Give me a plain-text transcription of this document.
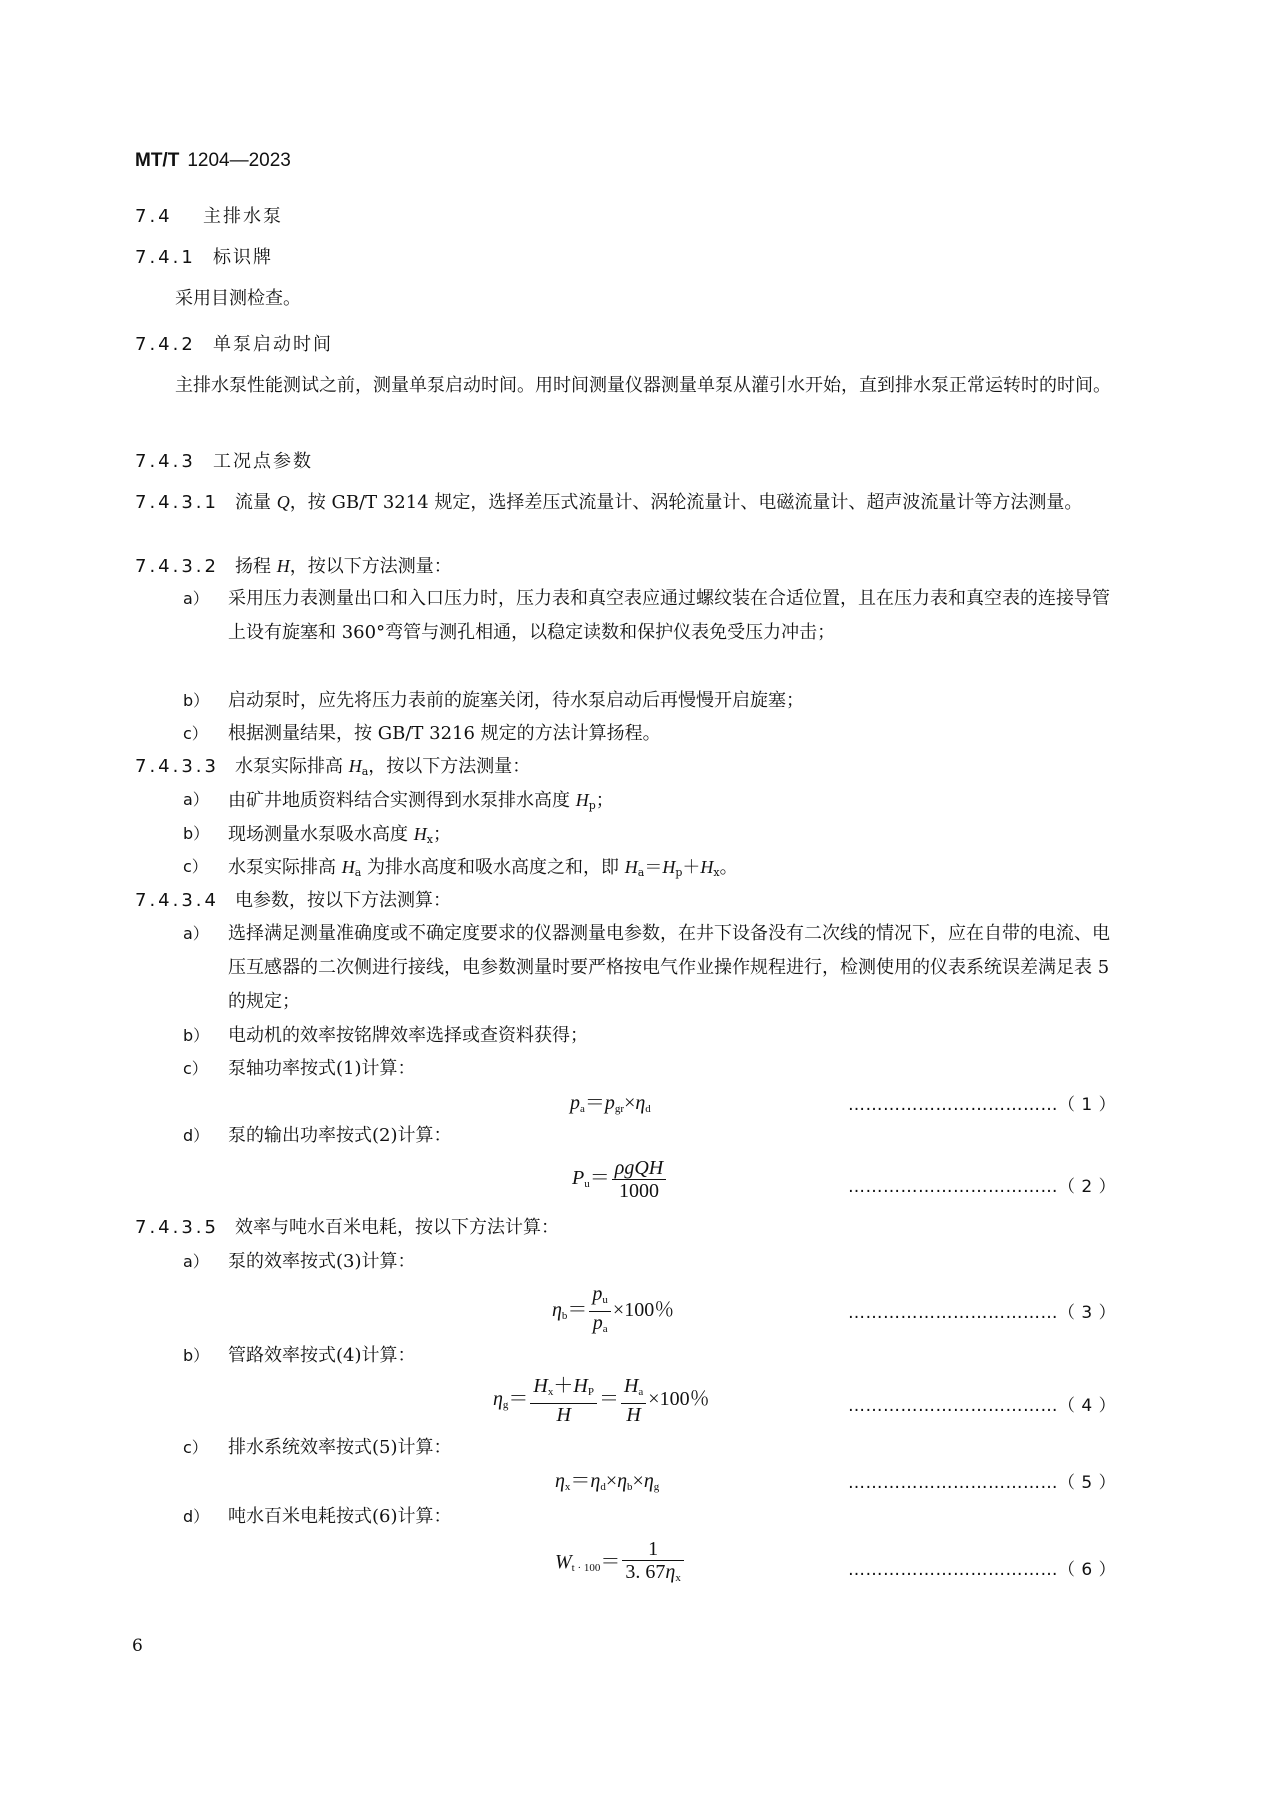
MT/T 1204—2023
7.4 主排水泵
7.4.1 标识牌
采用目测检查。
7.4.2 单泵启动时间
主排水泵性能测试之前，测量单泵启动时间。用时间测量仪器测量单泵从灌引水开始，直到排水泵正常运转时的时间。
7.4.3 工况点参数
7.4.3.1 流量 Q，按 GB/T 3214 规定，选择差压式流量计、涡轮流量计、电磁流量计、超声波流量计等方法测量。
7.4.3.2 扬程 H，按以下方法测量：
a） 采用压力表测量出口和入口压力时，压力表和真空表应通过螺纹装在合适位置，且在压力表和真空表的连接导管上设有旋塞和 360°弯管与测孔相通，以稳定读数和保护仪表免受压力冲击；
b） 启动泵时，应先将压力表前的旋塞关闭，待水泵启动后再慢慢开启旋塞；
c） 根据测量结果，按 GB/T 3216 规定的方法计算扬程。
7.4.3.3 水泵实际排高 $H_a$，按以下方法测量：
a） 由矿井地质资料结合实测得到水泵排水高度 $H_p$；
b） 现场测量水泵吸水高度 $H_x$；
c） 水泵实际排高 $H_a$ 为排水高度和吸水高度之和，即 $H_a=H_p+H_x$。
7.4.3.4 电参数，按以下方法测算：
a） 选择满足测量准确度或不确定度要求的仪器测量电参数，在井下设备没有二次线的情况下，应在自带的电流、电压互感器的二次侧进行接线，电参数测量时要严格按电气作业操作规程进行，检测使用的仪表系统误差满足表 5 的规定；
b） 电动机的效率按铭牌效率选择或查资料获得；
c） 泵轴功率按式(1)计算：
$p_a=p_{gr}\times\eta_d$	………………………………（ 1 ）
d） 泵的输出功率按式(2)计算：
$P_u= \frac{\text{ρgQH}}{1000}$	………………………………（ 2 ）
7.4.3.5 效率与吨水百米电耗，按以下方法计算：
a） 泵的效率按式(3)计算：
$\eta_b= \frac{p_u}{p_a} \times 100$％	………………………………（ 3 ）
b） 管路效率按式(4)计算：
$\eta_g= \frac{H_x+H_P}{H} = \frac{H_a}{H} \times 100$％	………………………………（ 4 ）
c） 排水系统效率按式(5)计算：
$\eta_x=\eta_d\times\eta_b\times\eta_g$	………………………………（ 5 ）
d） 吨水百米电耗按式(6)计算：
$W_{t \cdot 100}= \frac{1}{3. 67\eta_x}$	………………………………（ 6 ）
6
